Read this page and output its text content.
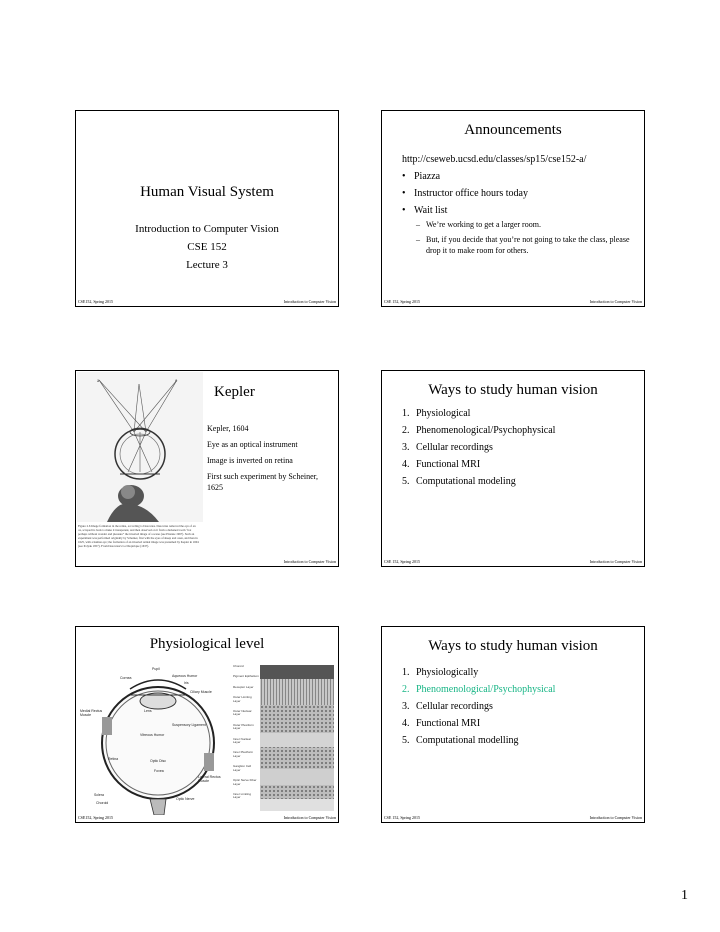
Human Visual System
Introduction to Computer Vision
CSE 152
Lecture 3
CSE152, Spring 2015	Introduction to Computer Vision
Announcements
http://cseweb.ucsd.edu/classes/sp15/cse152-a/
• Piazza
• Instructor office hours today
• Wait list
– We’re working to get a larger room.
– But, if you decide that you’re not going to take the class, please drop it to make room for others.
CSE 152, Spring 2015	Introduction to Computer Vision
a	c
Figure 2.6 Image formation in the retina, according to Descartes. Descartes removed the eye of an ox, scraped its back to make it transparent, and then observed on it from a darkened room “not perhaps without wonder and pleasure” the inverted image of a scene (see Pirenne 1967). Such an experiment was performed originally by Scheiner, first with the eyes of sheep and oxen, and then in 1625, with a human eye; the formation of an inverted retinal image was presumed by Kepler in 1604 (see Polyak 1957). From Descartes's La Dioptrique (1637).
Kepler

Kepler, 1604

Eye as an optical instrument

Image is inverted on retina

First such experiment by Scheiner, 1625

Introduction to Computer Vision
Ways to study human vision
1. Physiological
2. Phenomenological/Psychophysical
3. Cellular recordings
4. Functional MRI
5. Computational modeling
CSE 152, Spring 2015	Introduction to Computer Vision
Physiological level
Pupil
Aqueous Humor
Cornea
Iris
Ciliary Muscle
Medial Rectus Muscle
Lens
Suspensory Ligament
Vitreous Humor
Retina	Optic Disc
Fovea
Lateral Rectus Muscle
Sclera
Choroid
Optic Nerve
Choroid
Pigment Epithelium
Receptor Layer
Outer Limiting Layer
Outer Nuclear Layer
Outer Plexiform Layer
Inner Nuclear Layer
Inner Plexiform Layer
Ganglion Cell Layer
Optic Nerve Fiber Layer
Inner Limiting Layer
CSE152, Spring 2015	Introduction to Computer Vision
Ways to study human vision
1. Physiologically
2. Phenomenological/Psychophysical
3. Cellular recordings
4. Functional MRI
5. Computational modelling
CSE 152, Spring 2015	Introduction to Computer Vision
1
